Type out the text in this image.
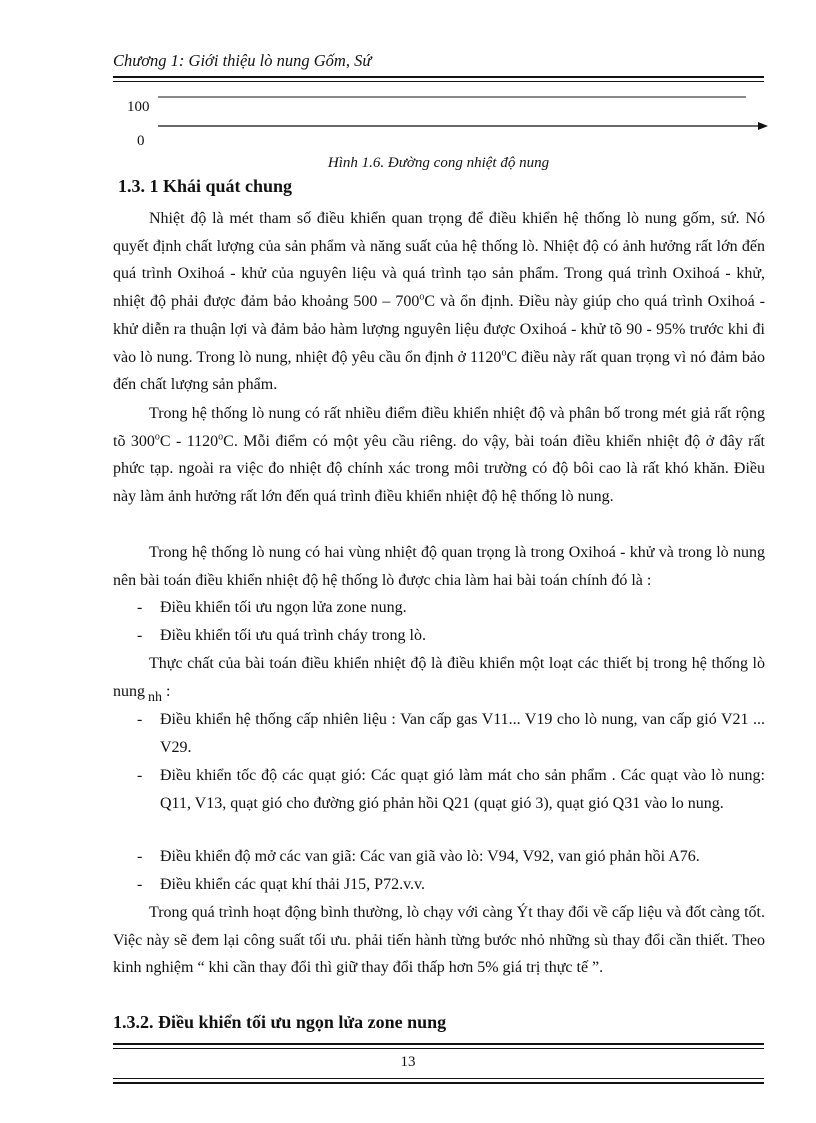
Chương 1: Giới thiệu lò nung Gốm, Sứ
100
0
Hình 1.6. Đường cong nhiệt độ nung
1.3. 1 Khái quát chung
Nhiệt độ là mét tham số điều khiển quan trọng để điều khiển hệ thống lò nung gốm, sứ. Nó quyết định chất lượng của sản phẩm và năng suất của hệ thống lò. Nhiệt độ có ảnh hưởng rất lớn đến quá trình Oxihoá - khử của nguyên liệu và quá trình tạo sản phẩm. Trong quá trình Oxihoá - khử, nhiệt độ phải được đảm bảo khoảng 500 – 700$^o$C và ổn định. Điều này giúp cho quá trình Oxihoá - khử diễn ra thuận lợi và đảm bảo hàm lượng nguyên liệu được Oxihoá - khử tõ 90 - 95% trước khi đi vào lò nung. Trong lò nung, nhiệt độ yêu cầu ổn định ở 1120$^o$C điều này rất quan trọng vì nó đảm bảo đến chất lượng sản phẩm.
Trong hệ thống lò nung có rất nhiều điểm điều khiển nhiệt độ và phân bố trong mét giả rất rộng tõ 300$^o$C - 1120$^o$C. Mỗi điểm có một yêu cầu riêng. do vậy, bài toán điều khiển nhiệt độ ở đây rất phức tạp. ngoài ra việc đo nhiệt độ chính xác trong môi trường có độ bôi cao là rất khó khăn. Điều này làm ảnh hưởng rất lớn đến quá trình điều khiển nhiệt độ hệ thống lò nung.
Trong hệ thống lò nung có hai vùng nhiệt độ quan trọng là trong Oxihoá - khử và trong lò nung nên bài toán điều khiển nhiệt độ hệ thống lò được chia làm hai bài toán chính đó là :
- Điều khiển tối ưu ngọn lửa zone nung.
- Điều khiển tối ưu quá trình cháy trong lò.
Thực chất của bài toán điều khiển nhiệt độ là điều khiển một loạt các thiết bị trong hệ thống lò nung nh :
- Điều khiển hệ thống cấp nhiên liệu : Van cấp gas V11... V19 cho lò nung, van cấp gió V21 ... V29.
- Điều khiển tốc độ các quạt gió: Các quạt gió làm mát cho sản phẩm . Các quạt vào lò nung: Q11, V13, quạt gió cho đường gió phản hồi Q21 (quạt gió 3), quạt gió Q31 vào lo nung.
- Điều khiển độ mở các van giã: Các van giã vào lò: V94, V92, van gió phản hồi A76.
- Điều khiển các quạt khí thải J15, P72.v.v.
Trong quá trình hoạt động bình thường, lò chạy với càng Ýt thay đổi về cấp liệu và đốt càng tốt. Việc này sẽ đem lại công suất tối ưu. phải tiến hành từng bước nhỏ những sù thay đổi cần thiết. Theo kinh nghiệm “ khi cần thay đổi thì giữ thay đổi thấp hơn 5% giá trị thực tế ”.
1.3.2. Điều khiển tối ưu ngọn lửa zone nung
13
